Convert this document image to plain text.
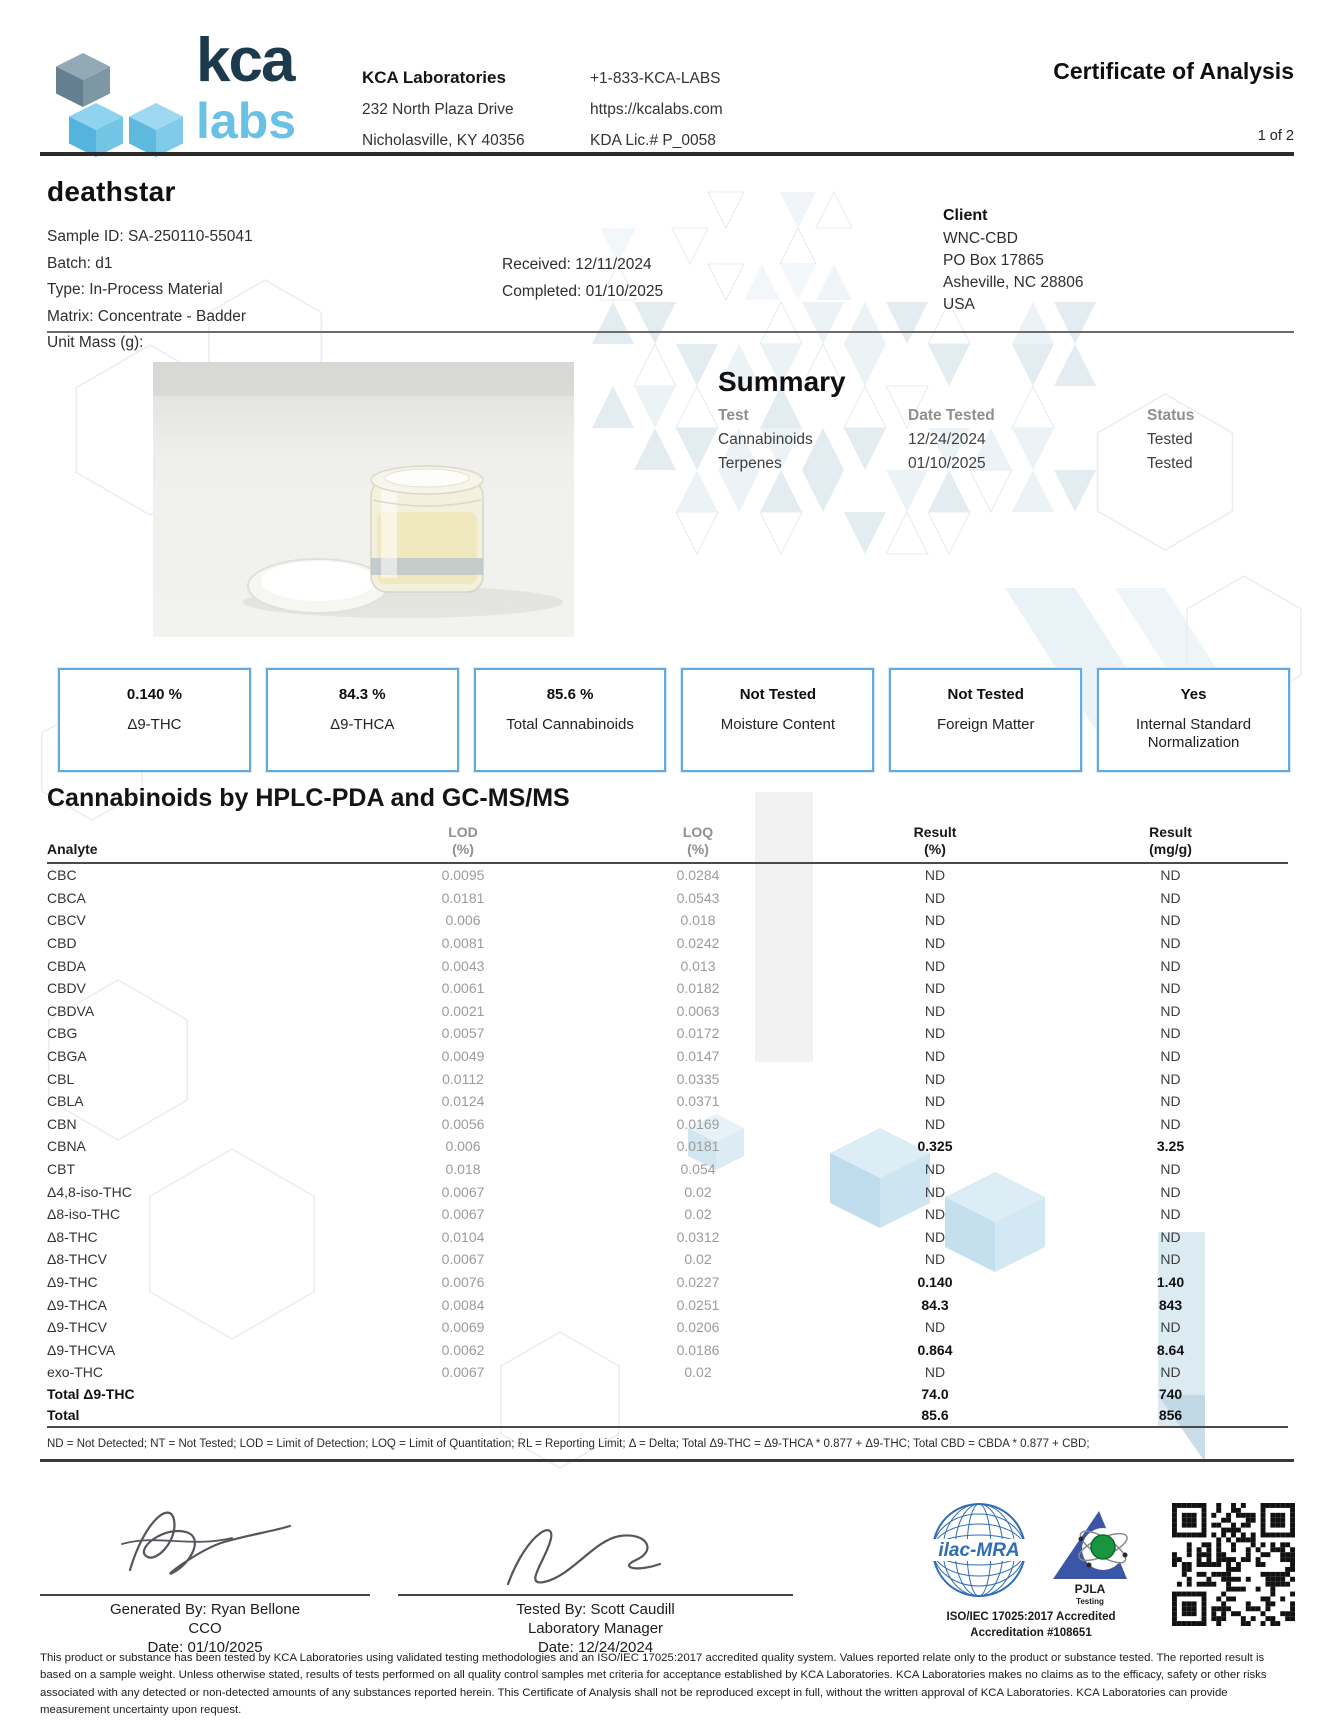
kca
labs
KCA Laboratories
232 North Plaza Drive
Nicholasville, KY 40356
+1-833-KCA-LABS
https://kcalabs.com
KDA Lic.# P_0058
Certificate of Analysis
1 of 2
deathstar
Sample ID: SA-250110-55041
Batch: d1
Type: In-Process Material
Matrix: Concentrate - Badder
Unit Mass (g):
Received: 12/11/2024
Completed: 01/10/2025
Client
WNC-CBD
PO Box 17865
Asheville, NC 28806
USA
Summary
Test	Date Tested	Status
Cannabinoids	12/24/2024	Tested
Terpenes	01/10/2025	Tested
0.140 %
Δ9-THC
84.3 %
Δ9-THCA
85.6 %
Total Cannabinoids
Not Tested
Moisture Content
Not Tested
Foreign Matter
Yes
Internal Standard Normalization
Cannabinoids by HPLC-PDA and GC-MS/MS
Analyte	
LOD
(%)

LOQ
(%)

Result
(%)

Result
(mg/g)

CBC	0.0095	0.0284	ND	ND
CBCA	0.0181	0.0543	ND	ND
CBCV	0.006	0.018	ND	ND
CBD	0.0081	0.0242	ND	ND
CBDA	0.0043	0.013	ND	ND
CBDV	0.0061	0.0182	ND	ND
CBDVA	0.0021	0.0063	ND	ND
CBG	0.0057	0.0172	ND	ND
CBGA	0.0049	0.0147	ND	ND
CBL	0.0112	0.0335	ND	ND
CBLA	0.0124	0.0371	ND	ND
CBN	0.0056	0.0169	ND	ND
CBNA	0.006	0.0181	0.325	3.25
CBT	0.018	0.054	ND	ND
Δ4,8-iso-THC	0.0067	0.02	ND	ND
Δ8-iso-THC	0.0067	0.02	ND	ND
Δ8-THC	0.0104	0.0312	ND	ND
Δ8-THCV	0.0067	0.02	ND	ND
Δ9-THC	0.0076	0.0227	0.140	1.40
Δ9-THCA	0.0084	0.0251	84.3	843
Δ9-THCV	0.0069	0.0206	ND	ND
Δ9-THCVA	0.0062	0.0186	0.864	8.64
exo-THC	0.0067	0.02	ND	ND
Total Δ9-THC			74.0	740
Total			85.6	856
ND = Not Detected; NT = Not Tested; LOD = Limit of Detection; LOQ = Limit of Quantitation; RL = Reporting Limit; Δ = Delta; Total Δ9-THC = Δ9-THCA * 0.877 + Δ9-THC; Total CBD = CBDA * 0.877 + CBD;
Generated By: Ryan Bellone
CCO
Date: 01/10/2025
Tested By: Scott Caudill
Laboratory Manager
Date: 12/24/2024
ilac-MRA
PJLA
Testing
ISO/IEC 17025:2017 Accredited
Accreditation #108651
This product or substance has been tested by KCA Laboratories using validated testing methodologies and an ISO/IEC 17025:2017 accredited quality system. Values reported relate only to the product or substance tested. The reported result is based on a sample weight. Unless otherwise stated, results of tests performed on all quality control samples met criteria for acceptance established by KCA Laboratories. KCA Laboratories makes no claims as to the efficacy, safety or other risks associated with any detected or non-detected amounts of any substances reported herein. This Certificate of Analysis shall not be reproduced except in full, without the written approval of KCA Laboratories. KCA Laboratories can provide measurement uncertainty upon request.
